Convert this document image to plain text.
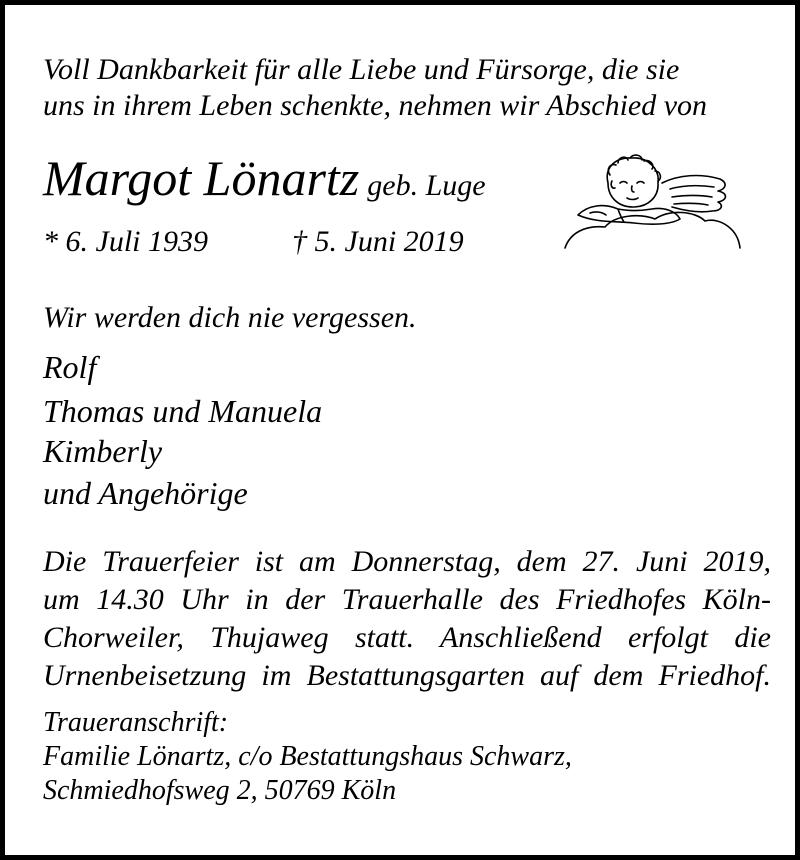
Voll Dankbarkeit für alle Liebe und Fürsorge, die sie
uns in ihrem Leben schenkte, nehmen wir Abschied von
Margot Lönartz geb. Luge
* 6. Juli 1939	† 5. Juni 2019
Wir werden dich nie vergessen.
Rolf
Thomas und Manuela
Kimberly
und Angehörige
Die Trauerfeier ist am Donnerstag, dem 27. Juni 2019,
um 14.30 Uhr in der Trauerhalle des Friedhofes Köln-
Chorweiler, Thujaweg statt. Anschließend erfolgt die
Urnenbeisetzung im Bestattungsgarten auf dem Friedhof.
Traueranschrift:
Familie Lönartz, c/o Bestattungshaus Schwarz,
Schmiedhofsweg 2, 50769 Köln
